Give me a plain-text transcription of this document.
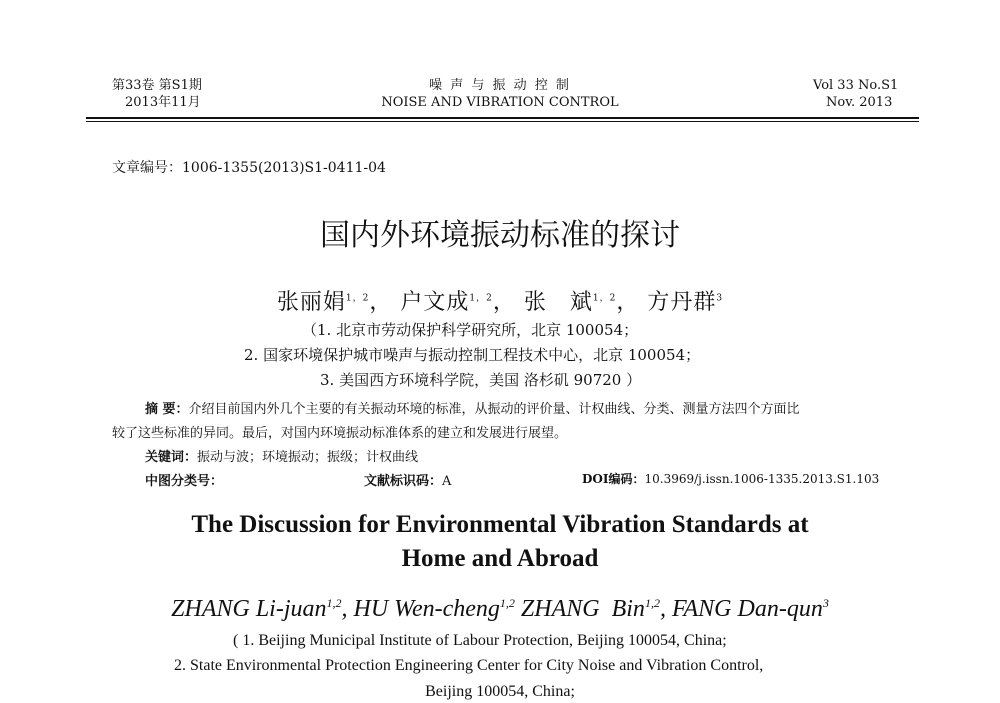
第33卷 第S1期
2013年11月
噪 声 与 振 动 控 制
NOISE AND VIBRATION CONTROL
Vol 33 No.S1
Nov. 2013
文章编号：1006-1355(2013)S1-0411-04
国内外环境振动标准的探讨
张丽娟$^{1,2}$， 户文成$^{1,2}$， 张　斌$^{1,2}$， 方丹群$^3$
（1. 北京市劳动保护科学研究所，北京 100054；
2. 国家环境保护城市噪声与振动控制工程技术中心，北京 100054；
3. 美国西方环境科学院，美国 洛杉矶 90720 ）
摘 要：介绍目前国内外几个主要的有关振动环境的标准，从振动的评价量、计权曲线、分类、测量方法四个方面比
较了这些标准的异同。最后，对国内环境振动标准体系的建立和发展进行展望。
关键词：振动与波；环境振动；振级；计权曲线
中图分类号：	文献标识码：A	DOI编码：10.3969/j.issn.1006-1335.2013.S1.103
The Discussion for Environmental Vibration Standards at
Home and Abroad
ZHANG Li-juan$^{1,2}$, HU Wen-cheng$^{1,2}$ ZHANG  Bin$^{1,2}$, FANG Dan-qun$^3$
( 1. Beijing Municipal Institute of Labour Protection, Beijing 100054, China;
2. State Environmental Protection Engineering Center for City Noise and Vibration Control,
Beijing 100054, China;
